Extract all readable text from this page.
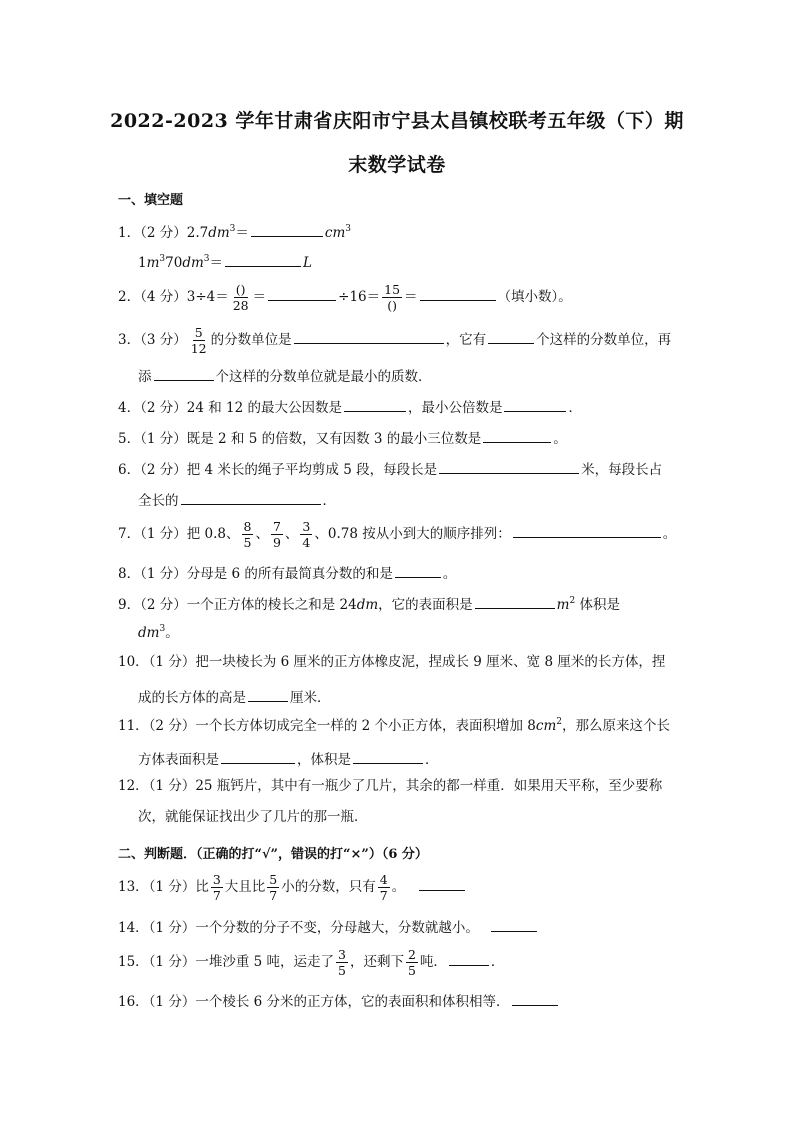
2022-2023 学年甘肃省庆阳市宁县太昌镇校联考五年级（下）期
末数学试卷
一、填空题
1．（2 分）$2.7dm^3=$	$cm^3$
$1m^370dm^3=$	L
2．（4 分）$3\div 4= \frac{()}{28}$ ＝	$\div 16= \frac{15}{()}$ ＝	（填小数）。
3．（3 分） $\frac{5}{12}$ 的分数单位是	，它有	个这样的分数单位，再
添	个这样的分数单位就是最小的质数．
4．（2 分）24 和 12 的最大公因数是	，最小公倍数是	．
5．（1 分）既是 2 和 5 的倍数，又有因数 3 的最小三位数是	。
6．（2 分）把 4 米长的绳子平均剪成 5 段，每段长是	米，每段长占
全长的	．
7．（1 分）把 0.8、 $\frac{8}{5}$ 、 $\frac{7}{9}$ 、 $\frac{3}{4}$ 、0.78 按从小到大的顺序排列：	。
8．（1 分）分母是 6 的所有最简真分数的和是	。
9．（2 分）一个正方体的棱长之和是 24dm，它的表面积是	$m^2$ 体积是
$dm^3$。
10．（1 分）把一块棱长为 6 厘米的正方体橡皮泥，捏成长 9 厘米、宽 8 厘米的长方体，捏
成的长方体的高是	厘米．
11．（2 分）一个长方体切成完全一样的 2 个小正方体，表面积增加 $8cm^2$，那么原来这个长
方体表面积是	，体积是	．
12．（1 分）25 瓶钙片，其中有一瓶少了几片，其余的都一样重．如果用天平称，至少要称
次，就能保证找出少了几片的那一瓶．
二、判断题．（正确的打“√”，错误的打“×”）（6 分）
13．（1 分）比 $\frac{3}{7}$ 大且比 $\frac{5}{7}$ 小的分数，只有 $\frac{4}{7}$ 。
14．（1 分）一个分数的分子不变，分母越大，分数就越小。
15．（1 分）一堆沙重 5 吨，运走了 $\frac{3}{5}$ ，还剩下 $\frac{2}{5}$ 吨．	．
16．（1 分）一个棱长 6 分米的正方体，它的表面积和体积相等．
